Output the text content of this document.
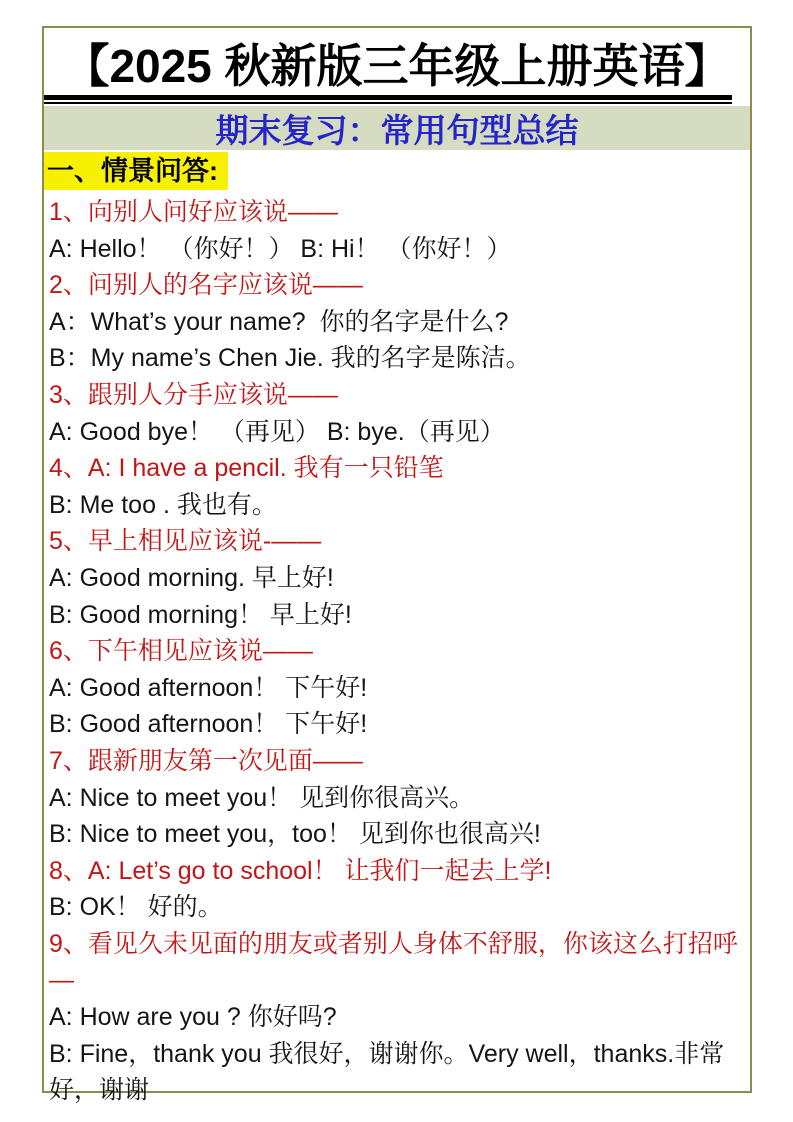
【2025 秋新版三年级上册英语】
期末复习：常用句型总结
一、情景问答:
1、向别人问好应该说——
A: Hello！ （你好！） B: Hi！ （你好！）
2、问别人的名字应该说——
A：What’s your name?  你的名字是什么?
B：My name’s Chen Jie. 我的名字是陈洁。
3、跟别人分手应该说——
A: Good bye！ （再见） B: bye.（再见）
4、A: I have a pencil. 我有一只铅笔
B: Me too . 我也有。
5、早上相见应该说-——
A: Good morning. 早上好!
B: Good morning！ 早上好!
6、下午相见应该说——
A: Good afternoon！ 下午好!
B: Good afternoon！ 下午好!
7、跟新朋友第一次见面——
A: Nice to meet you！ 见到你很高兴。
B: Nice to meet you，too！ 见到你也很高兴!
8、A: Let’s go to school！ 让我们一起去上学!
B: OK！ 好的。
9、看见久未见面的朋友或者别人身体不舒服，你该这么打招呼—
A: How are you ? 你好吗?
B: Fine，thank you 我很好，谢谢你。Very well，thanks.非常好，谢谢
